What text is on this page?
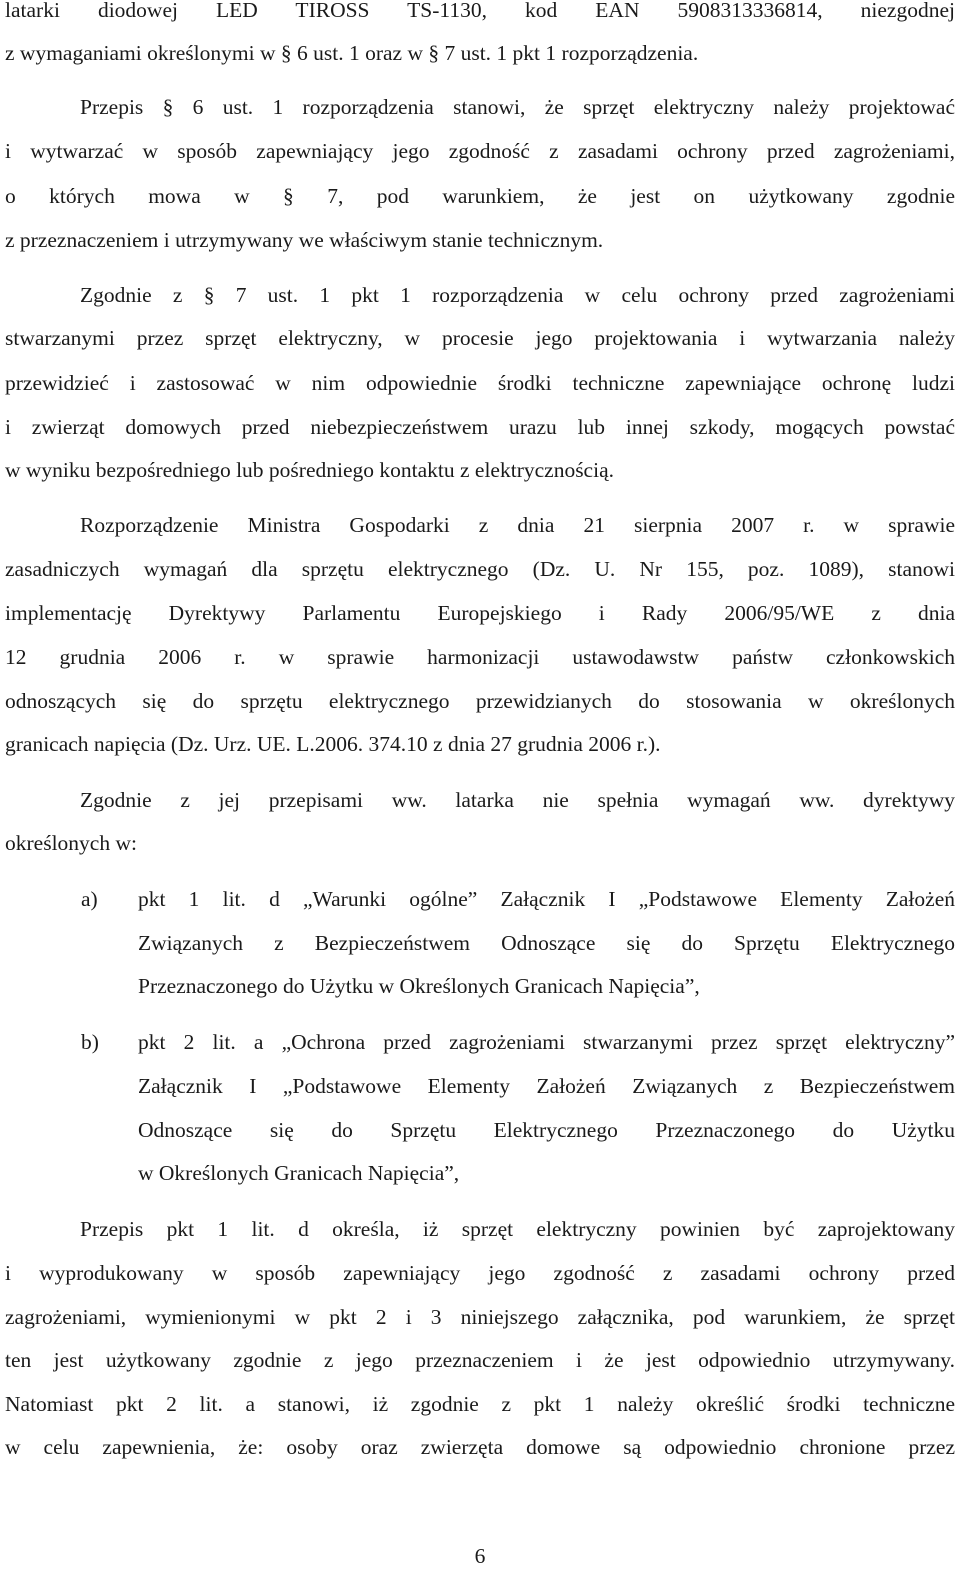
latarki diodowej LED TIROSS TS-1130, kod EAN 5908313336814, niezgodnej
z wymaganiami określonymi w § 6 ust. 1 oraz w § 7 ust. 1 pkt 1 rozporządzenia.
Przepis § 6 ust. 1 rozporządzenia stanowi, że sprzęt elektryczny należy projektować
i wytwarzać w sposób zapewniający jego zgodność z zasadami ochrony przed zagrożeniami,
o których mowa w § 7, pod warunkiem, że jest on użytkowany zgodnie
z przeznaczeniem i utrzymywany we właściwym stanie technicznym.
Zgodnie z § 7 ust. 1 pkt 1 rozporządzenia w celu ochrony przed zagrożeniami
stwarzanymi przez sprzęt elektryczny, w procesie jego projektowania i wytwarzania należy
przewidzieć i zastosować w nim odpowiednie środki techniczne zapewniające ochronę ludzi
i zwierząt domowych przed niebezpieczeństwem urazu lub innej szkody, mogących powstać
w wyniku bezpośredniego lub pośredniego kontaktu z elektrycznością.
Rozporządzenie Ministra Gospodarki z dnia 21 sierpnia 2007 r. w sprawie
zasadniczych wymagań dla sprzętu elektrycznego (Dz. U. Nr 155, poz. 1089), stanowi
implementację Dyrektywy Parlamentu Europejskiego i Rady 2006/95/WE z dnia
12 grudnia 2006 r. w sprawie harmonizacji ustawodawstw państw członkowskich
odnoszących się do sprzętu elektrycznego przewidzianych do stosowania w określonych
granicach napięcia (Dz. Urz. UE. L.2006. 374.10 z dnia 27 grudnia 2006 r.).
Zgodnie z jej przepisami ww. latarka nie spełnia wymagań ww. dyrektywy
określonych w:
a) pkt 1 lit. d „Warunki ogólne” Załącznik I „Podstawowe Elementy Założeń
Związanych z Bezpieczeństwem Odnoszące się do Sprzętu Elektrycznego
Przeznaczonego do Użytku w Określonych Granicach Napięcia”,
b) pkt 2 lit. a „Ochrona przed zagrożeniami stwarzanymi przez sprzęt elektryczny”
Załącznik I „Podstawowe Elementy Założeń Związanych z Bezpieczeństwem
Odnoszące się do Sprzętu Elektrycznego Przeznaczonego do Użytku
w Określonych Granicach Napięcia”,
Przepis pkt 1 lit. d określa, iż sprzęt elektryczny powinien być zaprojektowany
i wyprodukowany w sposób zapewniający jego zgodność z zasadami ochrony przed
zagrożeniami, wymienionymi w pkt 2 i 3 niniejszego załącznika, pod warunkiem, że sprzęt
ten jest użytkowany zgodnie z jego przeznaczeniem i że jest odpowiednio utrzymywany.
Natomiast pkt 2 lit. a stanowi, iż zgodnie z pkt 1 należy określić środki techniczne
w celu zapewnienia, że: osoby oraz zwierzęta domowe są odpowiednio chronione przez
6
